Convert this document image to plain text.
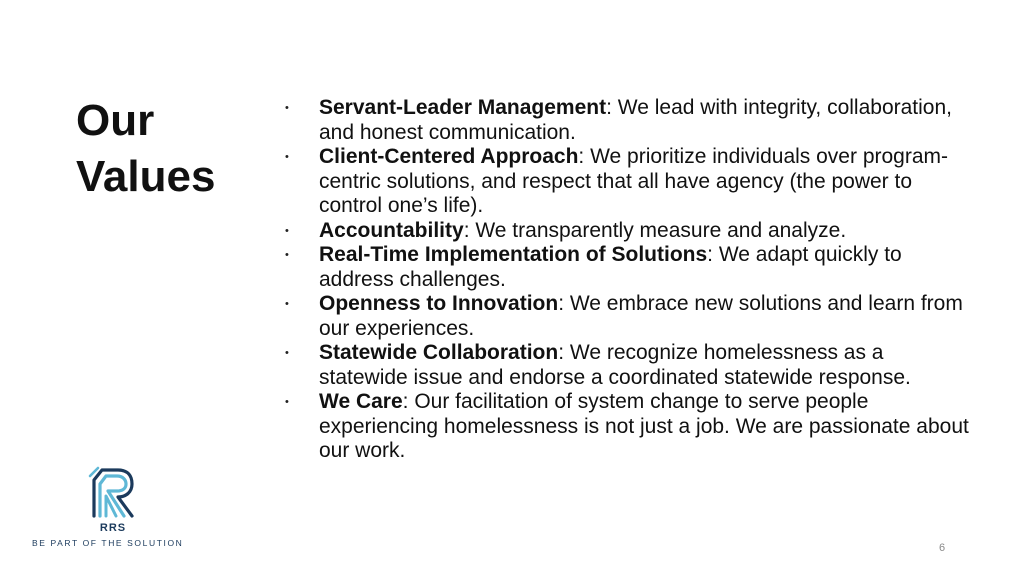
Our
Values
• Servant-Leader Management: We lead with integrity, collaboration, and honest communication.
• Client-Centered Approach: We prioritize individuals over program-centric solutions, and respect that all have agency (the power to control one’s life).
• Accountability: We transparently measure and analyze.
• Real-Time Implementation of Solutions: We adapt quickly to address challenges.
• Openness to Innovation: We embrace new solutions and learn from our experiences.
• Statewide Collaboration: We recognize homelessness as a statewide issue and endorse a coordinated statewide response.
• We Care: Our facilitation of system change to serve people experiencing homelessness is not just a job. We are passionate about our work.
RRS
BE PART OF THE SOLUTION	6
